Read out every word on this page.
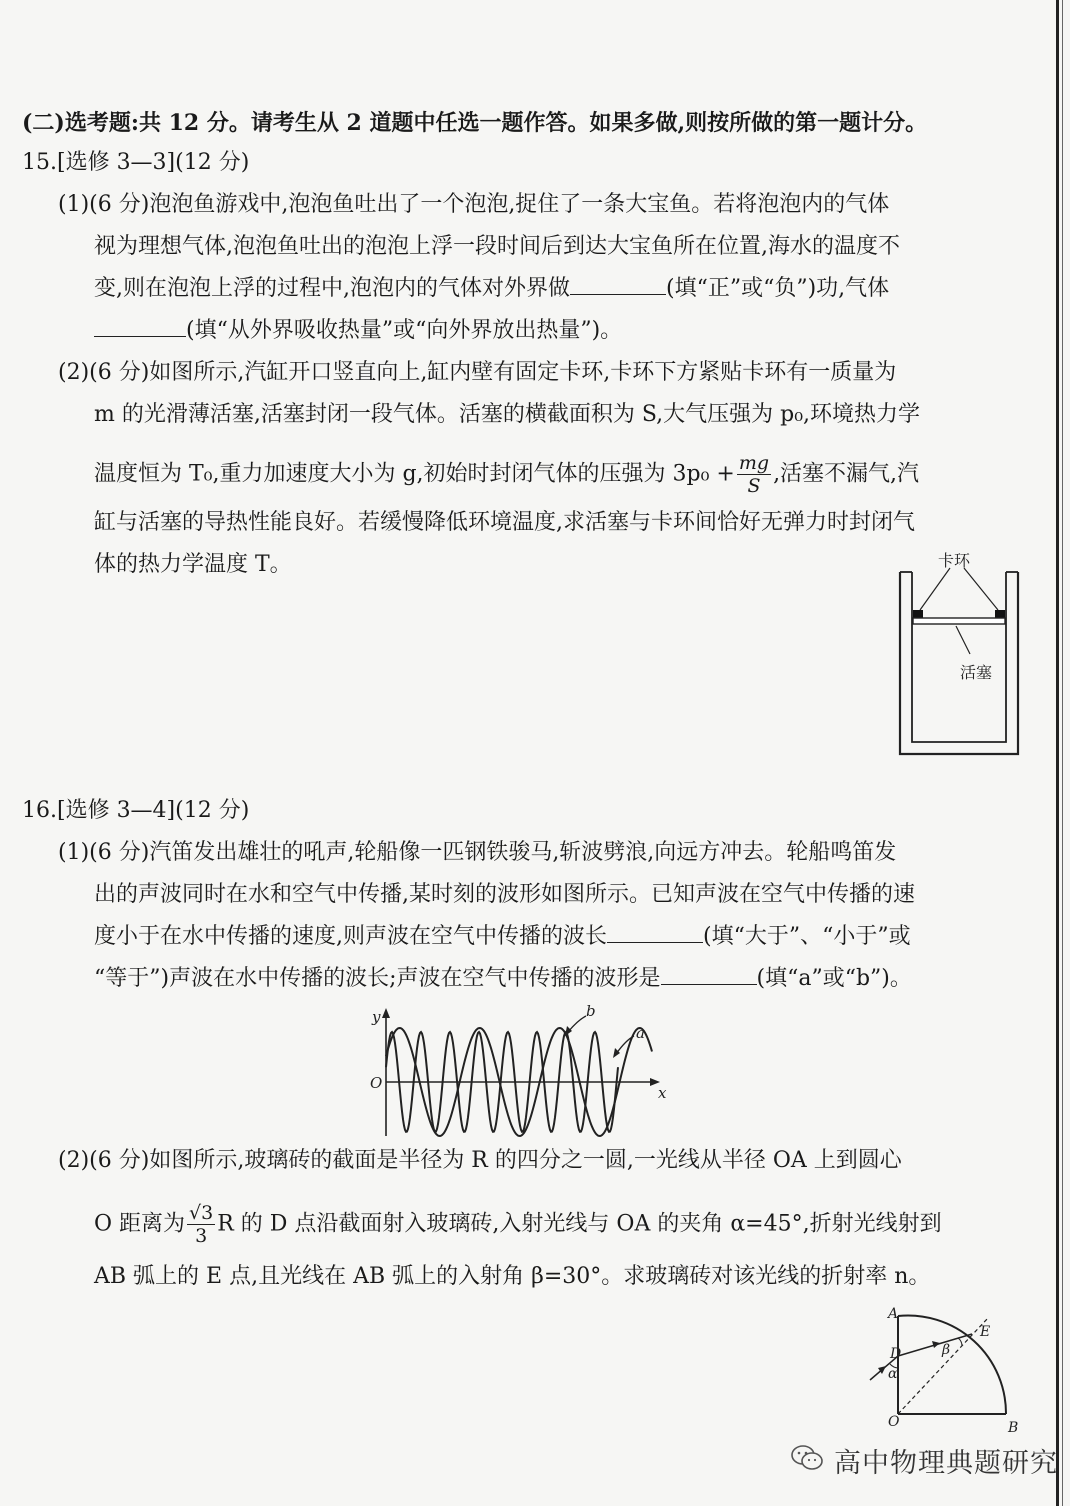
(二)选考题:共 12 分。请考生从 2 道题中任选一题作答。如果多做,则按所做的第一题计分。
15.[选修 3—3](12 分)
(1)(6 分)泡泡鱼游戏中,泡泡鱼吐出了一个泡泡,捉住了一条大宝鱼。若将泡泡内的气体
视为理想气体,泡泡鱼吐出的泡泡上浮一段时间后到达大宝鱼所在位置,海水的温度不
变,则在泡泡上浮的过程中,泡泡内的气体对外界做	(填“正”或“负”)功,气体
(填“从外界吸收热量”或“向外界放出热量”)。
(2)(6 分)如图所示,汽缸开口竖直向上,缸内壁有固定卡环,卡环下方紧贴卡环有一质量为
m 的光滑薄活塞,活塞封闭一段气体。活塞的横截面积为 S,大气压强为 p₀,环境热力学
温度恒为 T₀,重力加速度大小为 g,初始时封闭气体的压强为 $3p_0 + \frac{mg}{S}$ ,活塞不漏气,汽
缸与活塞的导热性能良好。若缓慢降低环境温度,求活塞与卡环间恰好无弹力时封闭气
体的热力学温度 T。	卡环
活塞
16.[选修 3—4](12 分)
(1)(6 分)汽笛发出雄壮的吼声,轮船像一匹钢铁骏马,斩波劈浪,向远方冲去。轮船鸣笛发
出的声波同时在水和空气中传播,某时刻的波形如图所示。已知声波在空气中传播的速
度小于在水中传播的速度,则声波在空气中传播的波长	(填“大于”、“小于”或
“等于”)声波在水中传播的波长;声波在空气中传播的波形是	(填“a”或“b”)。
y
x
O
b
a
(2)(6 分)如图所示,玻璃砖的截面是半径为 R 的四分之一圆,一光线从半径 OA 上到圆心
O 距离为 $\frac{√3}{3}$ R 的 D 点沿截面射入玻璃砖,入射光线与 OA 的夹角 α=45°,折射光线射到
AB 弧上的 E 点,且光线在 AB 弧上的入射角 β=30°。求玻璃砖对该光线的折射率 n。
A
B
O
D
E
α
β
高中物理典题研究
